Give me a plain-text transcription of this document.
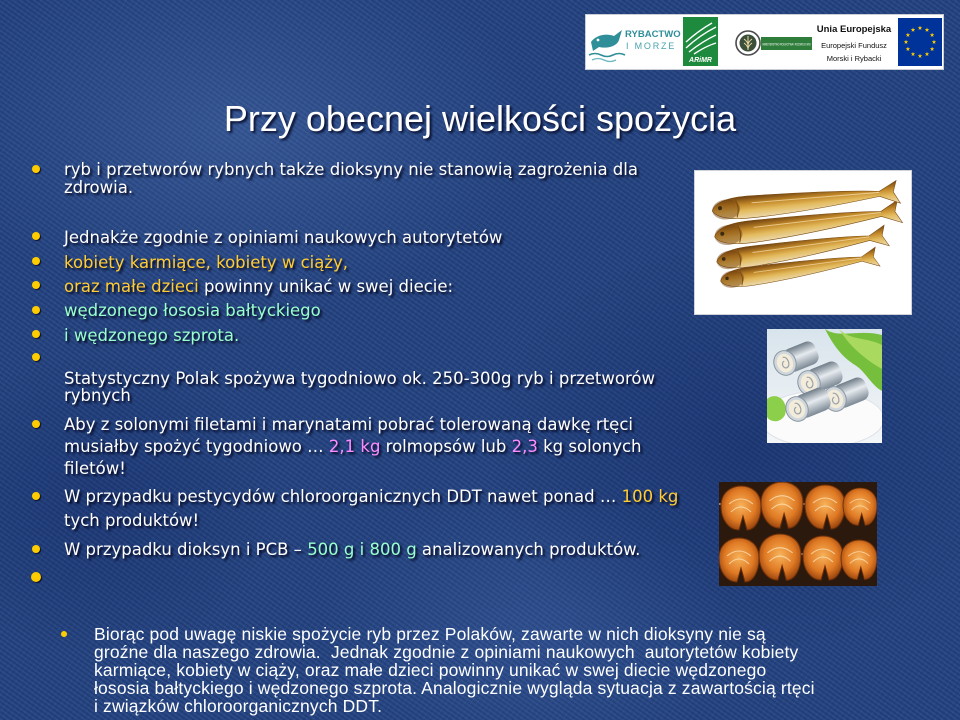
RYBACTWO
I MORZE
ARiMR
MINISTERSTWO ROLNICTWA I ROZWOJU WSI
Unia Europejska
Europejski Fundusz
Morski i Rybacki
Przy obecnej wielkości spożycia
ryb i przetworów rybnych także dioksyny nie stanowią zagrożenia dla
zdrowia.
Jednakże zgodnie z opiniami naukowych autorytetów
kobiety karmiące, kobiety w ciąży,
oraz małe dzieci powinny unikać w swej diecie:
wędzonego łososia bałtyckiego
i wędzonego szprota.
Statystyczny Polak spożywa tygodniowo ok. 250-300g ryb i przetworów
rybnych
Aby z solonymi filetami i marynatami pobrać tolerowaną dawkę rtęci
musiałby spożyć tygodniowo … 2,1 kg rolmopsów lub 2,3 kg solonych
filetów!
W przypadku pestycydów chloroorganicznych DDT nawet ponad … 100 kg
tych produktów!
W przypadku dioksyn i PCB – 500 g i 800 g analizowanych produktów.
Biorąc pod uwagę niskie spożycie ryb przez Polaków, zawarte w nich dioksyny nie są
groźne dla naszego zdrowia.  Jednak zgodnie z opiniami naukowych  autorytetów kobiety
karmiące, kobiety w ciąży, oraz małe dzieci powinny unikać w swej diecie wędzonego
łososia bałtyckiego i wędzonego szprota. Analogicznie wygląda sytuacja z zawartością rtęci
i związków chloroorganicznych DDT.
